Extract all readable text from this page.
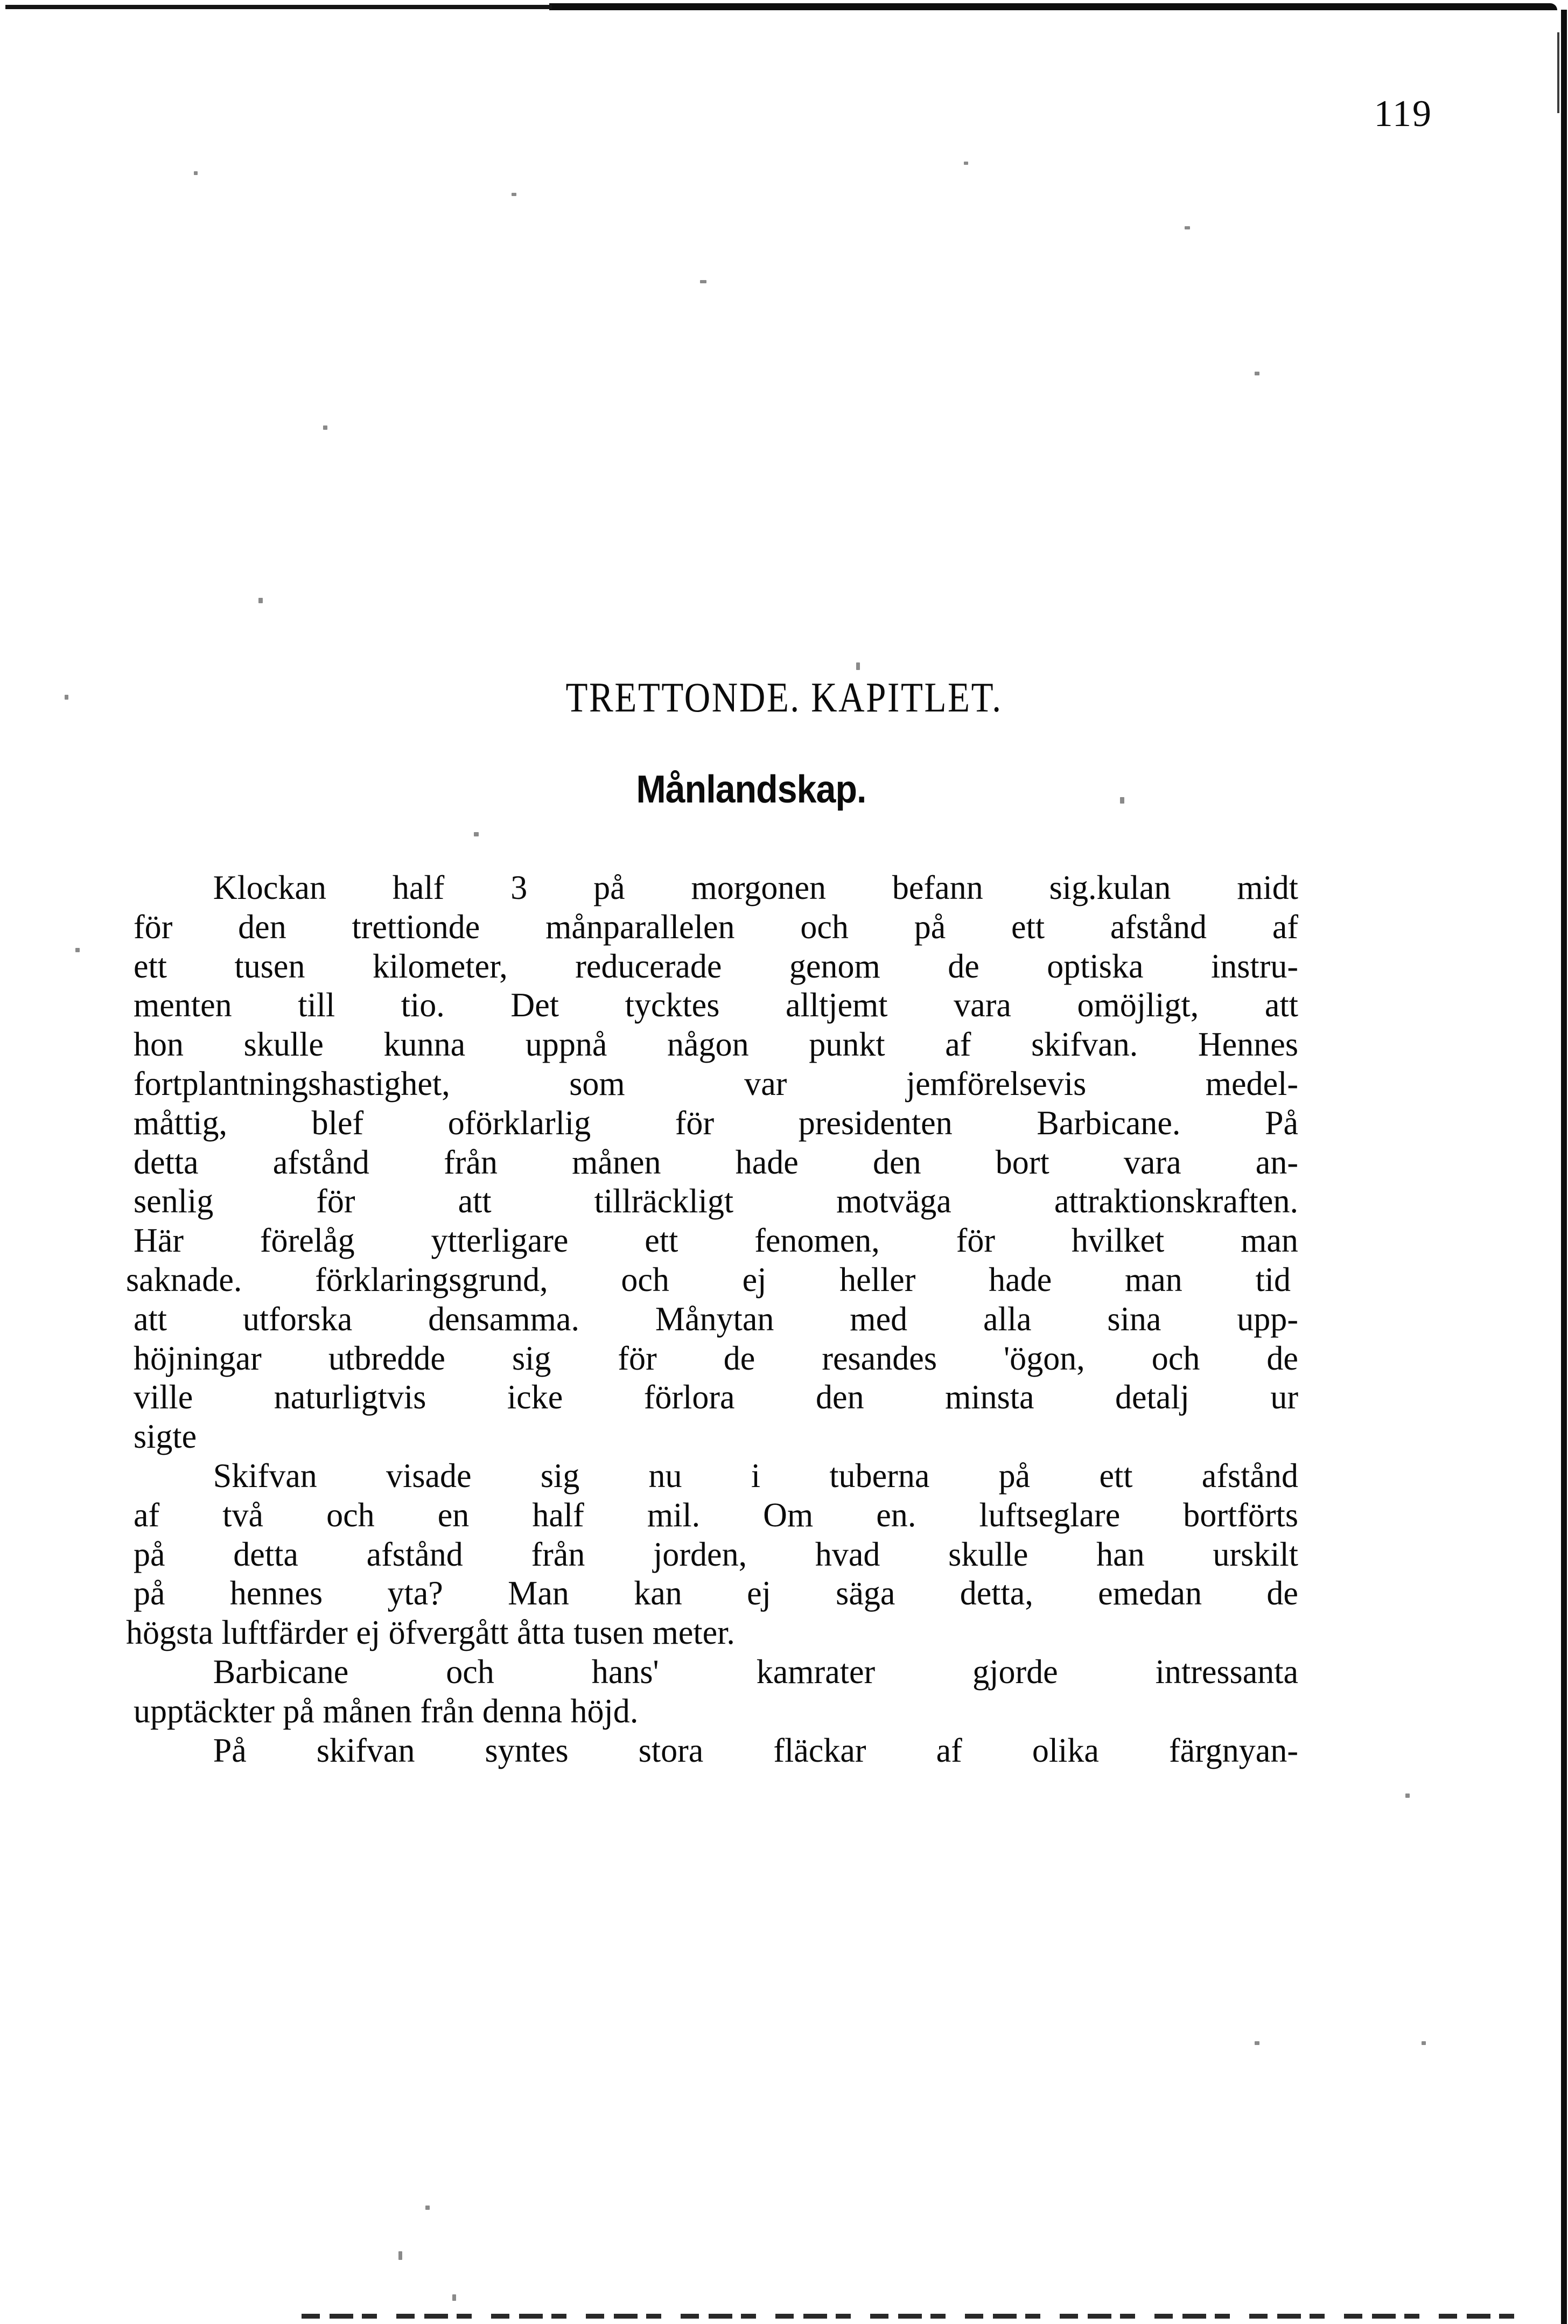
119
TRETTONDE. KAPITLET.
Månlandskap.
Klockan half 3 på morgonen befann sig.kulan midt
för den trettionde månparallelen och på ett afstånd af
ett tusen kilometer, reducerade genom de optiska instru-
menten till tio. Det tycktes alltjemt vara omöjligt, att
hon skulle kunna uppnå någon punkt af skifvan. Hennes
fortplantningshastighet,	som	var	jemförelsevis	medel-
måttig, blef oförklarlig för presidenten Barbicane. På
detta afstånd från månen hade den bort vara an-
senlig	för	att	tillräckligt	motväga	attraktionskraften.
Här förelåg ytterligare ett fenomen, för hvilket man
saknade. förklaringsgrund, och ej heller hade man tid
att utforska densamma. Månytan med alla sina upp-
höjningar utbredde sig för de resandes 'ögon, och de
ville naturligtvis icke förlora den minsta detalj ur
sigte
Skifvan visade sig nu i tuberna på ett afstånd
af två och en half mil. Om en. luftseglare bortförts
på detta afstånd från jorden, hvad skulle han urskilt
på hennes yta? Man kan ej säga detta, emedan de
högsta luftfärder ej öfvergått åtta tusen meter.
Barbicane	och	hans'	kamrater	gjorde	intressanta
upptäckter på månen från denna höjd.
På skifvan syntes stora fläckar af olika färgnyan-
